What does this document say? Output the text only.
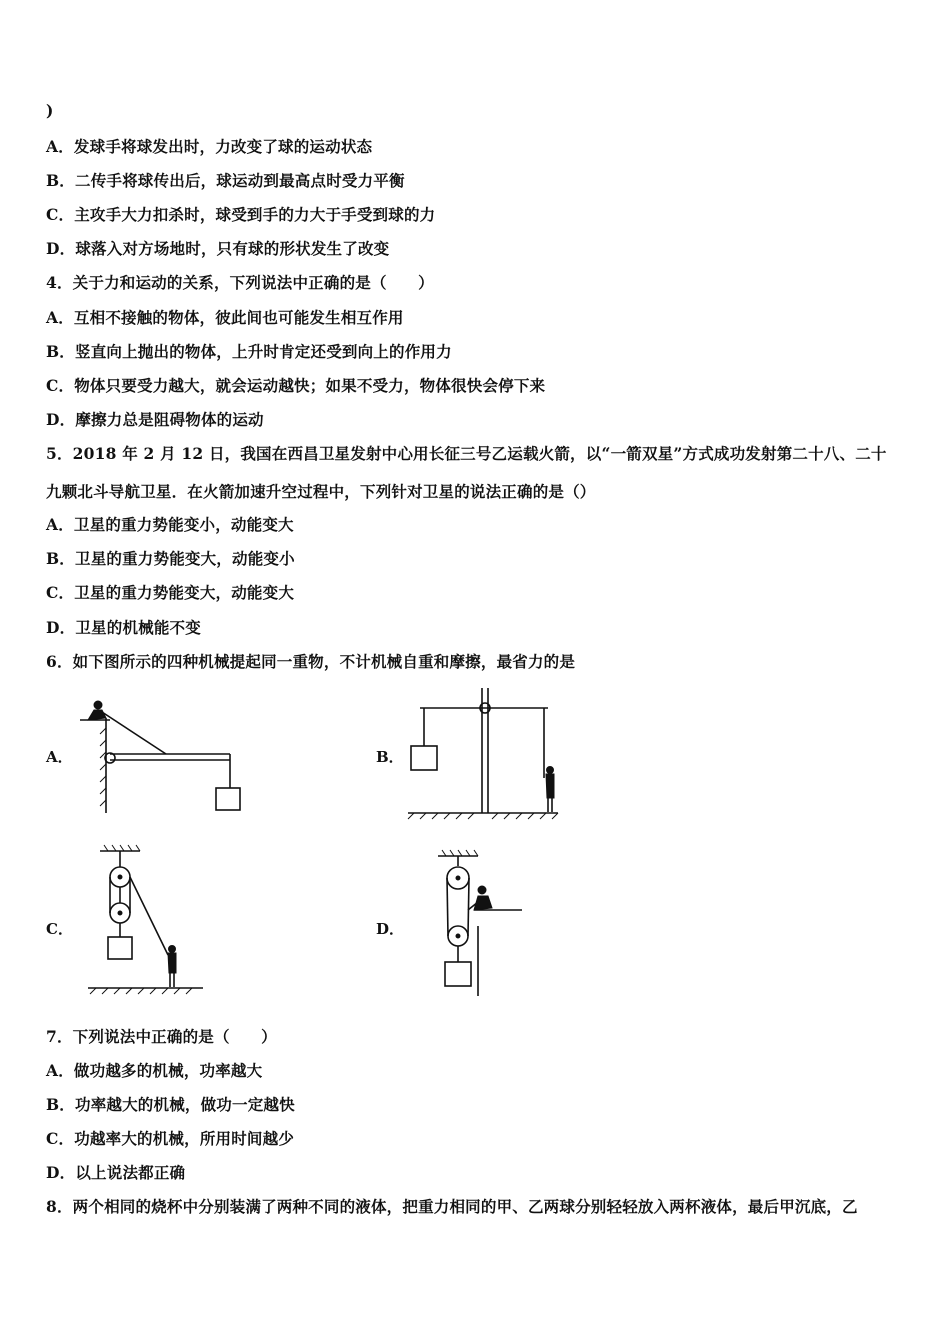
)
A．发球手将球发出时，力改变了球的运动状态
B．二传手将球传出后，球运动到最高点时受力平衡
C．主攻手大力扣杀时，球受到手的力大于手受到球的力
D．球落入对方场地时，只有球的形状发生了改变
4．关于力和运动的关系，下列说法中正确的是（　　）
A．互相不接触的物体，彼此间也可能发生相互作用
B．竖直向上抛出的物体，上升时肯定还受到向上的作用力
C．物体只要受力越大，就会运动越快；如果不受力，物体很快会停下来
D．摩擦力总是阻碍物体的运动
5．2018 年 2 月 12 日，我国在西昌卫星发射中心用长征三号乙运载火箭，以“一箭双星”方式成功发射第二十八、二十
九颗北斗导航卫星．在火箭加速升空过程中，下列针对卫星的说法正确的是（）
A．卫星的重力势能变小，动能变大
B．卫星的重力势能变大，动能变小
C．卫星的重力势能变大，动能变大
D．卫星的机械能不变
6．如下图所示的四种机械提起同一重物，不计机械自重和摩擦，最省力的是
A．	B．
C．	D．
7．下列说法中正确的是（　　）
A．做功越多的机械，功率越大
B．功率越大的机械，做功一定越快
C．功越率大的机械，所用时间越少
D．以上说法都正确
8．两个相同的烧杯中分别装满了两种不同的液体，把重力相同的甲、乙两球分别轻轻放入两杯液体，最后甲沉底，乙
